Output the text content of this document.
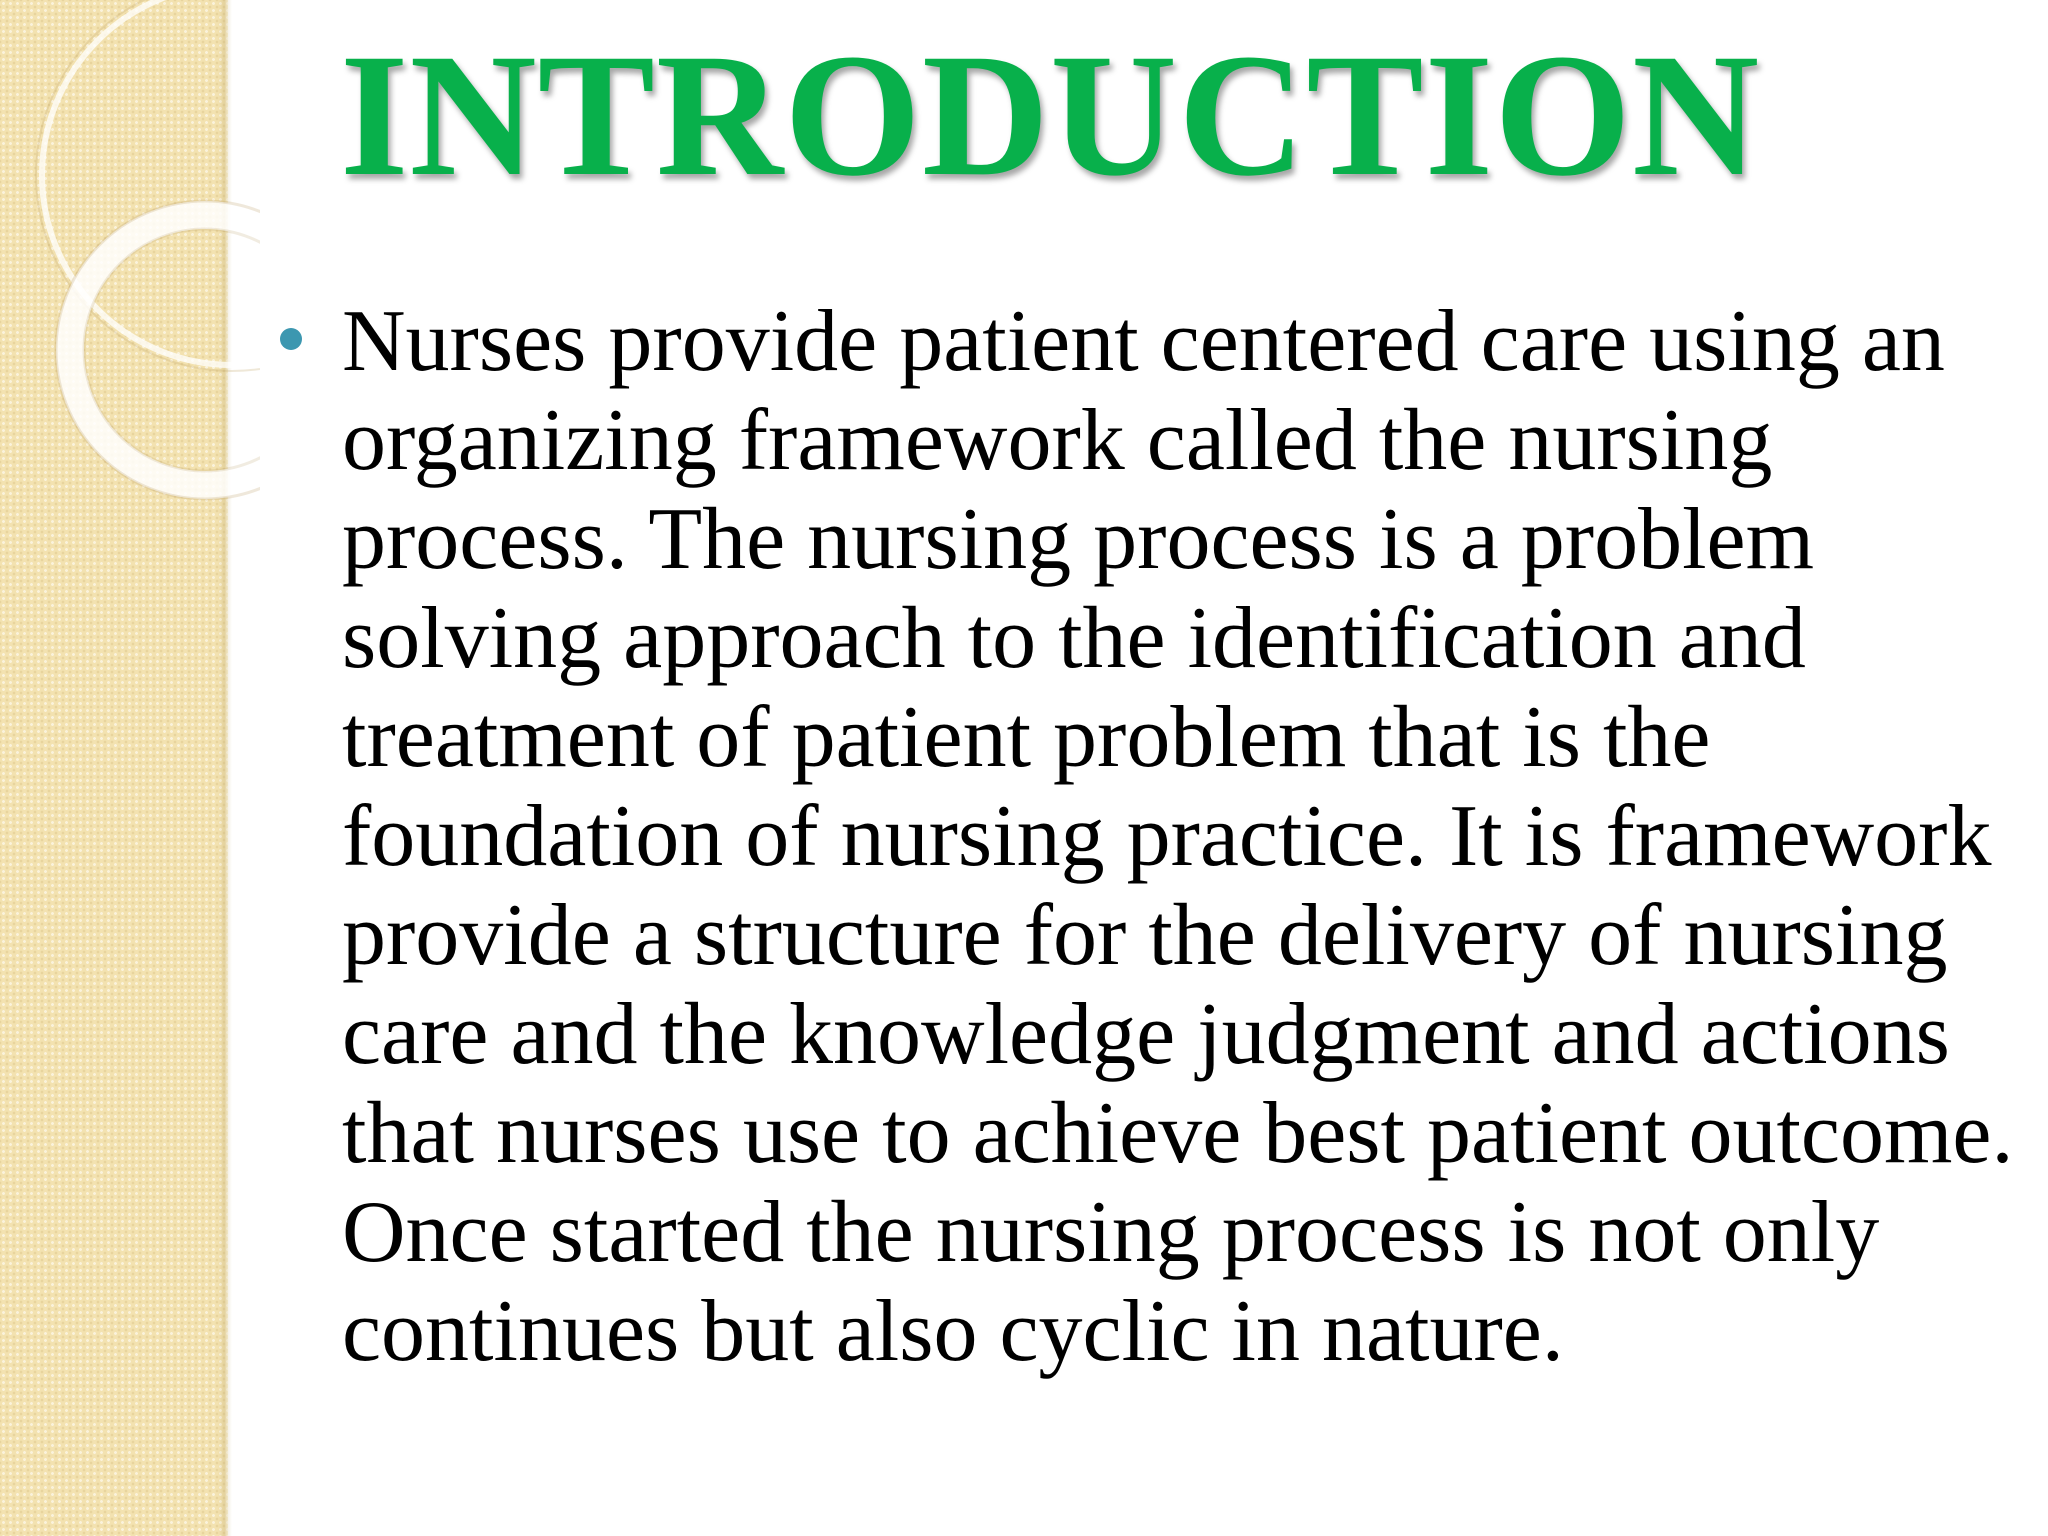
INTRODUCTION

Nurses provide patient centered care using an organizing framework called the nursing process. The nursing process is a problem solving approach to the identification and treatment of patient problem that is the foundation of nursing practice. It is framework provide a structure for the delivery of nursing care and the knowledge judgment and actions that nurses use to achieve best patient outcome. Once started the nursing process is not only continues but also cyclic in nature.
